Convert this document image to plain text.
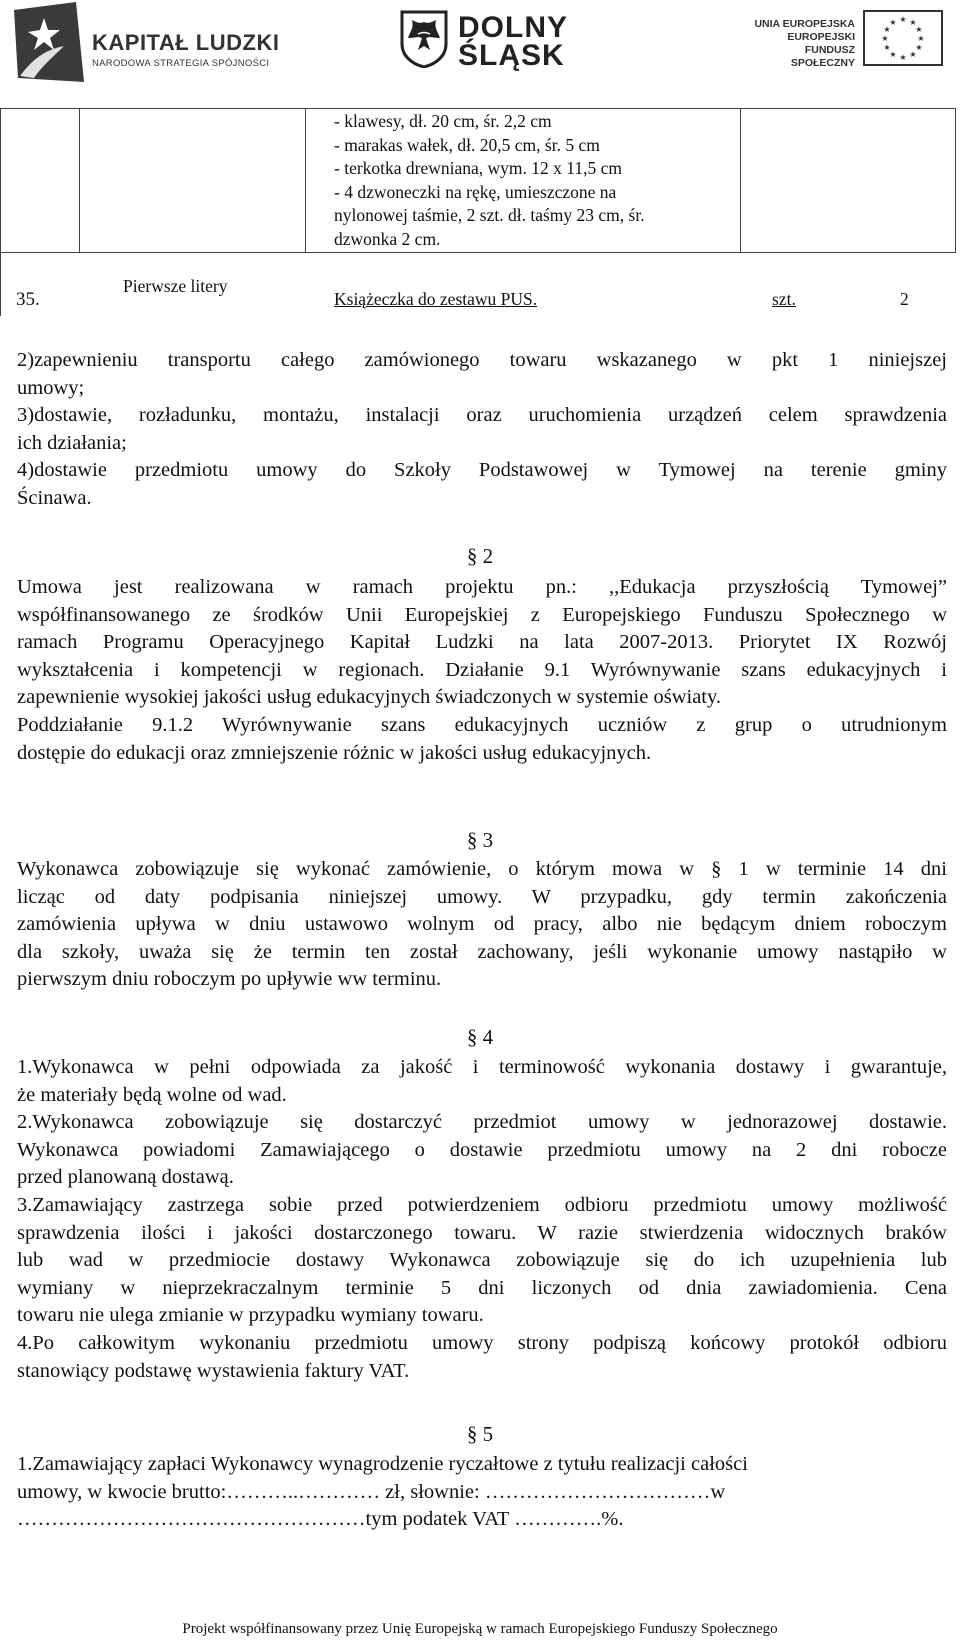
KAPITAŁ LUDZKI
NARODOWA STRATEGIA SPÓJNOŚCI
DOLNY
ŚLĄSK
UNIA EUROPEJSKA
EUROPEJSKI
FUNDUSZ SPOŁECZNY
★ ★
★
★
★
★
★
★
★
★
★
★
- klawesy, dł. 20 cm, śr. 2,2 cm
- marakas wałek, dł. 20,5 cm, śr. 5 cm
- terkotka drewniana, wym. 12 x 11,5 cm
- 4 dzwoneczki na rękę, umieszczone na
nylonowej taśmie, 2 szt. dł. taśmy 23 cm, śr.
dzwonka 2 cm.
35.
Pierwsze litery
Książeczka do zestawu PUS.	szt.	2
2)zapewnieniu transportu całego zamówionego towaru wskazanego w pkt 1 niniejszej
umowy;
3)dostawie, rozładunku, montażu, instalacji oraz uruchomienia urządzeń celem sprawdzenia
ich działania;
4)dostawie przedmiotu umowy do Szkoły Podstawowej w Tymowej na terenie gminy
Ścinawa.
§ 2
Umowa jest realizowana w ramach projektu pn.: ,,Edukacja przyszłością Tymowej”
współfinansowanego ze środków Unii Europejskiej z Europejskiego Funduszu Społecznego w
ramach Programu Operacyjnego Kapitał Ludzki na lata 2007-2013. Priorytet IX Rozwój
wykształcenia i kompetencji w regionach. Działanie 9.1 Wyrównywanie szans edukacyjnych i
zapewnienie wysokiej jakości usług edukacyjnych świadczonych w systemie oświaty.
Poddziałanie 9.1.2 Wyrównywanie szans edukacyjnych uczniów z grup o utrudnionym
dostępie do edukacji oraz zmniejszenie różnic w jakości usług edukacyjnych.
§ 3
Wykonawca zobowiązuje się wykonać zamówienie, o którym mowa w § 1 w terminie 14 dni
licząc od daty podpisania niniejszej umowy. W przypadku, gdy termin zakończenia
zamówienia upływa w dniu ustawowo wolnym od pracy, albo nie będącym dniem roboczym
dla szkoły, uważa się że termin ten został zachowany, jeśli wykonanie umowy nastąpiło w
pierwszym dniu roboczym po upływie ww terminu.
§ 4
1.Wykonawca w pełni odpowiada za jakość i terminowość wykonania dostawy i gwarantuje,
że materiały będą wolne od wad.
2.Wykonawca zobowiązuje się dostarczyć przedmiot umowy w jednorazowej dostawie.
Wykonawca powiadomi Zamawiającego o dostawie przedmiotu umowy na 2 dni robocze
przed planowaną dostawą.
3.Zamawiający zastrzega sobie przed potwierdzeniem odbioru przedmiotu umowy możliwość
sprawdzenia ilości i jakości dostarczonego towaru. W razie stwierdzenia widocznych braków
lub wad w przedmiocie dostawy Wykonawca zobowiązuje się do ich uzupełnienia lub
wymiany w nieprzekraczalnym terminie 5 dni liczonych od dnia zawiadomienia. Cena
towaru nie ulega zmianie w przypadku wymiany towaru.
4.Po całkowitym wykonaniu przedmiotu umowy strony podpiszą końcowy protokół odbioru
stanowiący podstawę wystawienia faktury VAT.
§ 5
1.Zamawiający zapłaci Wykonawcy wynagrodzenie ryczałtowe z tytułu realizacji całości
umowy, w kwocie brutto:………..………… zł, słownie: ……………………………w
……………………………………………tym podatek VAT ………….%.
Projekt współfinansowany przez Unię Europejską w ramach Europejskiego Funduszy Społecznego
